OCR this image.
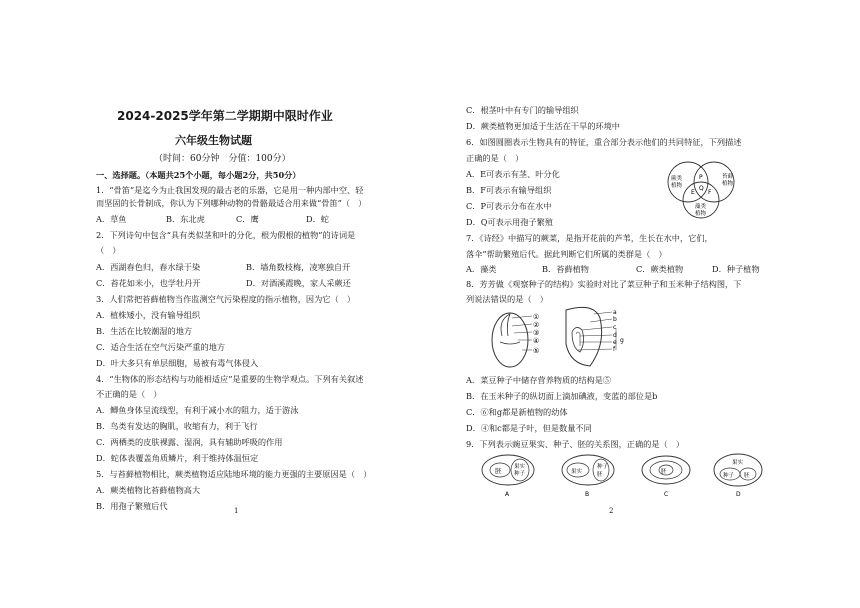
2024-2025学年第二学期期中限时作业
六年级生物试题
（时间：60分钟　分值：100分）
一、选择题。（本题共25个小题，每小题2分，共50分）
1．“骨笛”是迄今为止我国发现的最古老的乐器，它是用一种内部中空、轻
而坚固的长骨制成，你认为下列哪种动物的骨骼最适合用来做“骨笛”（　）
A．草鱼	B．东北虎	C．鹰	D．蛇
2．下列诗句中包含“具有类似茎和叶的分化，根为假根的植物”的诗词是
（　）
A．西湖春色归，春水绿于染	B．墙角数枝梅，凌寒独自开
C．苔花如米小，也学牡丹开	D．对酒溪霞晚，家人采蕨还
3．人们常把苔藓植物当作监测空气污染程度的指示植物，因为它（　）
A．植株矮小，没有输导组织
B．生活在比较潮湿的地方
C．适合生活在空气污染严重的地方
D．叶大多只有单层细胞，易被有毒气体侵入
4．“生物体的形态结构与功能相适应”是重要的生物学观点。下列有关叙述
不正确的是（　）
A．鲫鱼身体呈流线型，有利于减小水的阻力，适于游泳
B．鸟类有发达的胸肌，收缩有力，利于飞行
C．两栖类的皮肤裸露、湿润，具有辅助呼吸的作用
D．蛇体表覆盖角质鳞片，利于维持体温恒定
5．与苔藓植物相比，蕨类植物适应陆地环境的能力更强的主要原因是（　）
A．蕨类植物比苔藓植物高大
B．用孢子繁殖后代	1
C．根茎叶中有专门的输导组织
D．蕨类植物更加适于生活在干旱的环境中
6．如图圆圈表示生物具有的特征，重合部分表示他们的共同特征，下列描述
正确的是（　）
A．E可表示有茎、叶分化
B．F可表示有输导组织
C．P可表示分布在水中
D．Q可表示用孢子繁殖
蕨类
植物
苔藓
植物
藻类
植物
E
P
Q
F
7．《诗经》中描写的蕨菜，是指开花前的芦苇，生长在水中，它们，
落伞”帮助繁殖后代。据此判断它们所属的类群是（　）
A．藻类	B．苔藓植物	C．蕨类植物	D．种子植物
8．芳芳做《观察种子的结构》实验时对比了菜豆种子和玉米种子结构图，下
列说法错误的是（　）
①
②
③
④
⑤
a
b
c
d
e
f
g
A．菜豆种子中储存营养物质的结构是⑤
B．在玉米种子的纵切面上滴加碘液，变蓝的部位是b
C．⑥和g都是新植物的幼体
D．④和c都是子叶，但是数量不同
9．下列表示豌豆果实、种子、胚的关系图，正确的是（　）
胚 果实
种子
A
果实
种子
胚
B
胚
C
果实
种子 胚
D
2
